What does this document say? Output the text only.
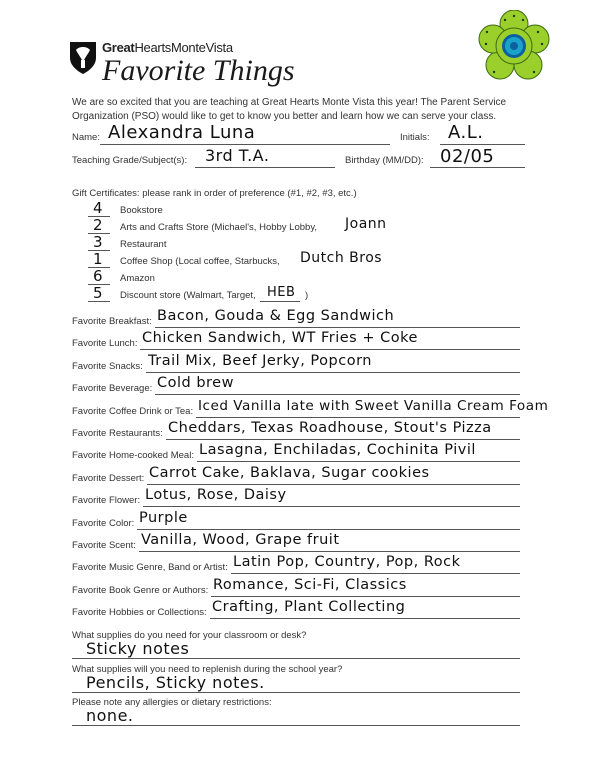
GreatHeartsMonteVista
Favorite Things
We are so excited that you are teaching at Great Hearts Monte Vista this year! The Parent Service
Organization (PSO) would like to get to know you better and learn how we can serve your class.
Name: Alexandra Luna	Initials: A.L.
Teaching Grade/Subject(s): 3rd T.A.	Birthday (MM/DD): 02/05
Gift Certificates: please rank in order of preference (#1, #2, #3, etc.)
4	Bookstore
2	Arts and Crafts Store (Michael's, Hobby Lobby, Joann
3	Restaurant
1	Coffee Shop (Local coffee, Starbucks, Dutch Bros
6	Amazon
5	Discount store (Walmart, Target, HEB )
Favorite Breakfast: Bacon, Gouda & Egg Sandwich
Favorite Lunch: Chicken Sandwich, WT Fries + Coke
Favorite Snacks: Trail Mix, Beef Jerky, Popcorn
Favorite Beverage: Cold brew
Favorite Coffee Drink or Tea: Iced Vanilla late with Sweet Vanilla Cream Foam
Favorite Restaurants: Cheddars, Texas Roadhouse, Stout's Pizza
Favorite Home-cooked Meal: Lasagna, Enchiladas, Cochinita Pivil
Favorite Dessert: Carrot Cake, Baklava, Sugar cookies
Favorite Flower: Lotus, Rose, Daisy
Favorite Color: Purple
Favorite Scent: Vanilla, Wood, Grape fruit
Favorite Music Genre, Band or Artist: Latin Pop, Country, Pop, Rock
Favorite Book Genre or Authors: Romance, Sci-Fi, Classics
Favorite Hobbies or Collections: Crafting, Plant Collecting
What supplies do you need for your classroom or desk?
Sticky notes
What supplies will you need to replenish during the school year?
Pencils, Sticky notes.
Please note any allergies or dietary restrictions:
none.
